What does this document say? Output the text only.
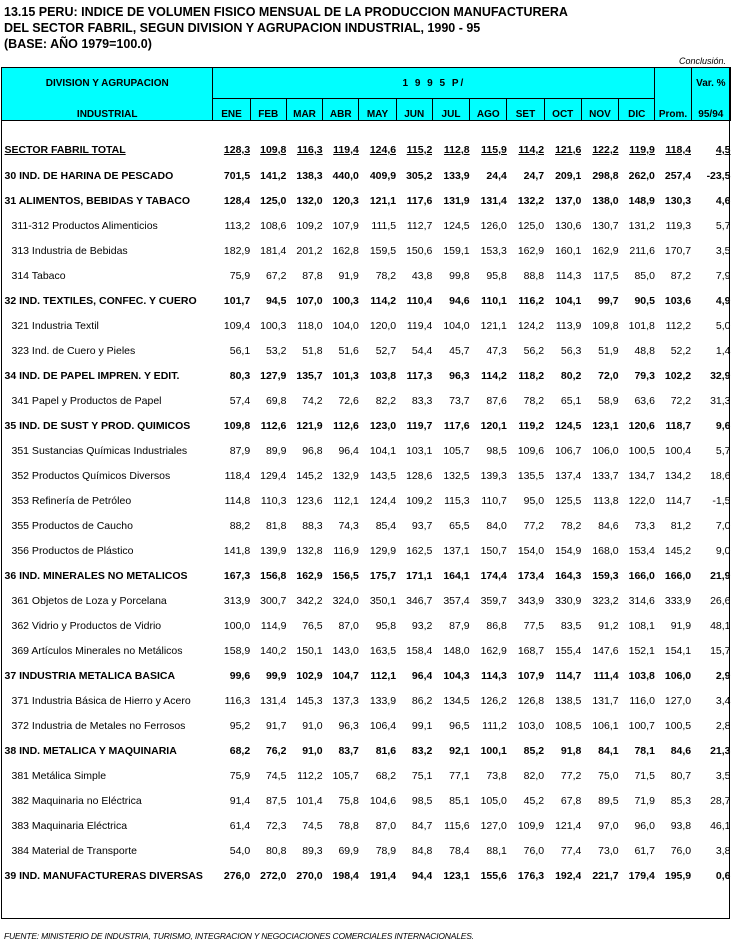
13.15 PERU: INDICE DE VOLUMEN FISICO MENSUAL DE LA PRODUCCION MANUFACTURERA
DEL SECTOR FABRIL, SEGUN DIVISION Y AGRUPACION INDUSTRIAL, 1990 - 95
(BASE: AÑO 1979=100.0)
Conclusión.
DIVISION Y AGRUPACION	1 9 9 5 P/													Var. %
INDUSTRIAL	ENE	FEB	MAR	ABR	MAY	JUN	JUL	AGO	SET	OCT	NOV	DIC	Prom.	95/94

SECTOR FABRIL TOTAL	128,3	109,8	116,3	119,4	124,6	115,2	112,8	115,9	114,2	121,6	122,2	119,9	118,4	4,5
30 IND. DE HARINA DE PESCADO	701,5	141,2	138,3	440,0	409,9	305,2	133,9	24,4	24,7	209,1	298,8	262,0	257,4	-23,5
31 ALIMENTOS, BEBIDAS Y TABACO	128,4	125,0	132,0	120,3	121,1	117,6	131,9	131,4	132,2	137,0	138,0	148,9	130,3	4,6
311-312 Productos Alimenticios	113,2	108,6	109,2	107,9	111,5	112,7	124,5	126,0	125,0	130,6	130,7	131,2	119,3	5,7
313 Industria de Bebidas	182,9	181,4	201,2	162,8	159,5	150,6	159,1	153,3	162,9	160,1	162,9	211,6	170,7	3,5
314 Tabaco	75,9	67,2	87,8	91,9	78,2	43,8	99,8	95,8	88,8	114,3	117,5	85,0	87,2	7,9
32 IND. TEXTILES, CONFEC. Y CUERO	101,7	94,5	107,0	100,3	114,2	110,4	94,6	110,1	116,2	104,1	99,7	90,5	103,6	4,9
321 Industria Textil	109,4	100,3	118,0	104,0	120,0	119,4	104,0	121,1	124,2	113,9	109,8	101,8	112,2	5,0
323 Ind. de Cuero y Pieles	56,1	53,2	51,8	51,6	52,7	54,4	45,7	47,3	56,2	56,3	51,9	48,8	52,2	1,4
34 IND. DE PAPEL IMPREN. Y EDIT.	80,3	127,9	135,7	101,3	103,8	117,3	96,3	114,2	118,2	80,2	72,0	79,3	102,2	32,9
341 Papel y Productos de Papel	57,4	69,8	74,2	72,6	82,2	83,3	73,7	87,6	78,2	65,1	58,9	63,6	72,2	31,3
35 IND. DE SUST Y PROD. QUIMICOS	109,8	112,6	121,9	112,6	123,0	119,7	117,6	120,1	119,2	124,5	123,1	120,6	118,7	9,6
351 Sustancias Químicas Industriales	87,9	89,9	96,8	96,4	104,1	103,1	105,7	98,5	109,6	106,7	106,0	100,5	100,4	5,7
352 Productos Químicos Diversos	118,4	129,4	145,2	132,9	143,5	128,6	132,5	139,3	135,5	137,4	133,7	134,7	134,2	18,6
353 Refinería de Petróleo	114,8	110,3	123,6	112,1	124,4	109,2	115,3	110,7	95,0	125,5	113,8	122,0	114,7	-1,5
355 Productos de Caucho	88,2	81,8	88,3	74,3	85,4	93,7	65,5	84,0	77,2	78,2	84,6	73,3	81,2	7,0
356 Productos de Plástico	141,8	139,9	132,8	116,9	129,9	162,5	137,1	150,7	154,0	154,9	168,0	153,4	145,2	9,0
36 IND. MINERALES NO METALICOS	167,3	156,8	162,9	156,5	175,7	171,1	164,1	174,4	173,4	164,3	159,3	166,0	166,0	21,9
361 Objetos de Loza y Porcelana	313,9	300,7	342,2	324,0	350,1	346,7	357,4	359,7	343,9	330,9	323,2	314,6	333,9	26,6
362 Vidrio y Productos de Vidrio	100,0	114,9	76,5	87,0	95,8	93,2	87,9	86,8	77,5	83,5	91,2	108,1	91,9	48,1
369 Artículos Minerales no Metálicos	158,9	140,2	150,1	143,0	163,5	158,4	148,0	162,9	168,7	155,4	147,6	152,1	154,1	15,7
37 INDUSTRIA METALICA BASICA	99,6	99,9	102,9	104,7	112,1	96,4	104,3	114,3	107,9	114,7	111,4	103,8	106,0	2,9
371 Industria Básica de Hierro y Acero	116,3	131,4	145,3	137,3	133,9	86,2	134,5	126,2	126,8	138,5	131,7	116,0	127,0	3,4
372 Industria de Metales no Ferrosos	95,2	91,7	91,0	96,3	106,4	99,1	96,5	111,2	103,0	108,5	106,1	100,7	100,5	2,8
38 IND. METALICA Y MAQUINARIA	68,2	76,2	91,0	83,7	81,6	83,2	92,1	100,1	85,2	91,8	84,1	78,1	84,6	21,3
381 Metálica Simple	75,9	74,5	112,2	105,7	68,2	75,1	77,1	73,8	82,0	77,2	75,0	71,5	80,7	3,5
382 Maquinaria no Eléctrica	91,4	87,5	101,4	75,8	104,6	98,5	85,1	105,0	45,2	67,8	89,5	71,9	85,3	28,7
383 Maquinaria Eléctrica	61,4	72,3	74,5	78,8	87,0	84,7	115,6	127,0	109,9	121,4	97,0	96,0	93,8	46,1
384 Material de Transporte	54,0	80,8	89,3	69,9	78,9	84,8	78,4	88,1	76,0	77,4	73,0	61,7	76,0	3,8
39 IND. MANUFACTURERAS DIVERSAS	276,0	272,0	270,0	198,4	191,4	94,4	123,1	155,6	176,3	192,4	221,7	179,4	195,9	0,6
FUENTE: MINISTERIO DE INDUSTRIA, TURISMO, INTEGRACION Y NEGOCIACIONES COMERCIALES INTERNACIONALES.
